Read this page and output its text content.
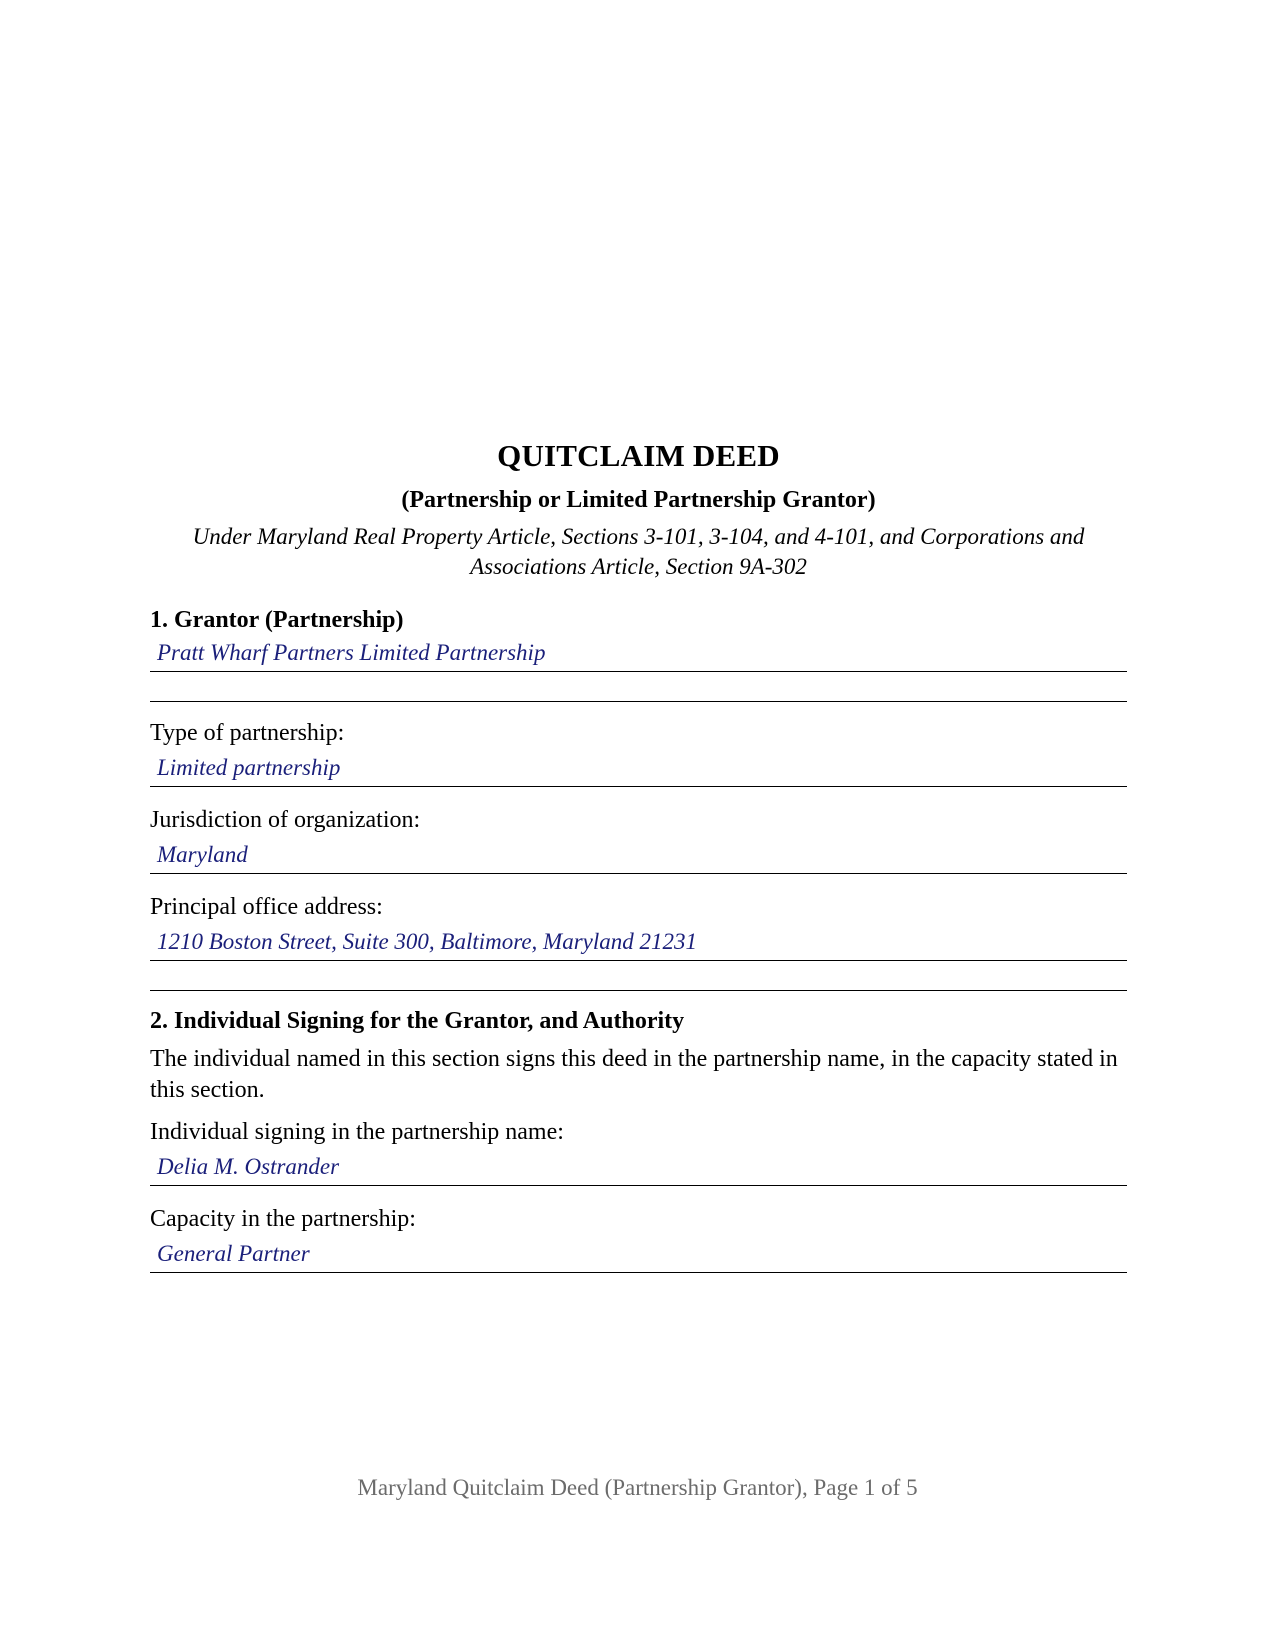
QUITCLAIM DEED
(Partnership or Limited Partnership Grantor)
Under Maryland Real Property Article, Sections 3-101, 3-104, and 4-101, and Corporations and Associations Article, Section 9A-302
1. Grantor (Partnership)
Pratt Wharf Partners Limited Partnership
Type of partnership:
Limited partnership
Jurisdiction of organization:
Maryland
Principal office address:
1210 Boston Street, Suite 300, Baltimore, Maryland 21231
2. Individual Signing for the Grantor, and Authority

The individual named in this section signs this deed in the partnership name, in the capacity stated in this section.

Individual signing in the partnership name:
Delia M. Ostrander
Capacity in the partnership:
General Partner
Maryland Quitclaim Deed (Partnership Grantor), Page 1 of 5
